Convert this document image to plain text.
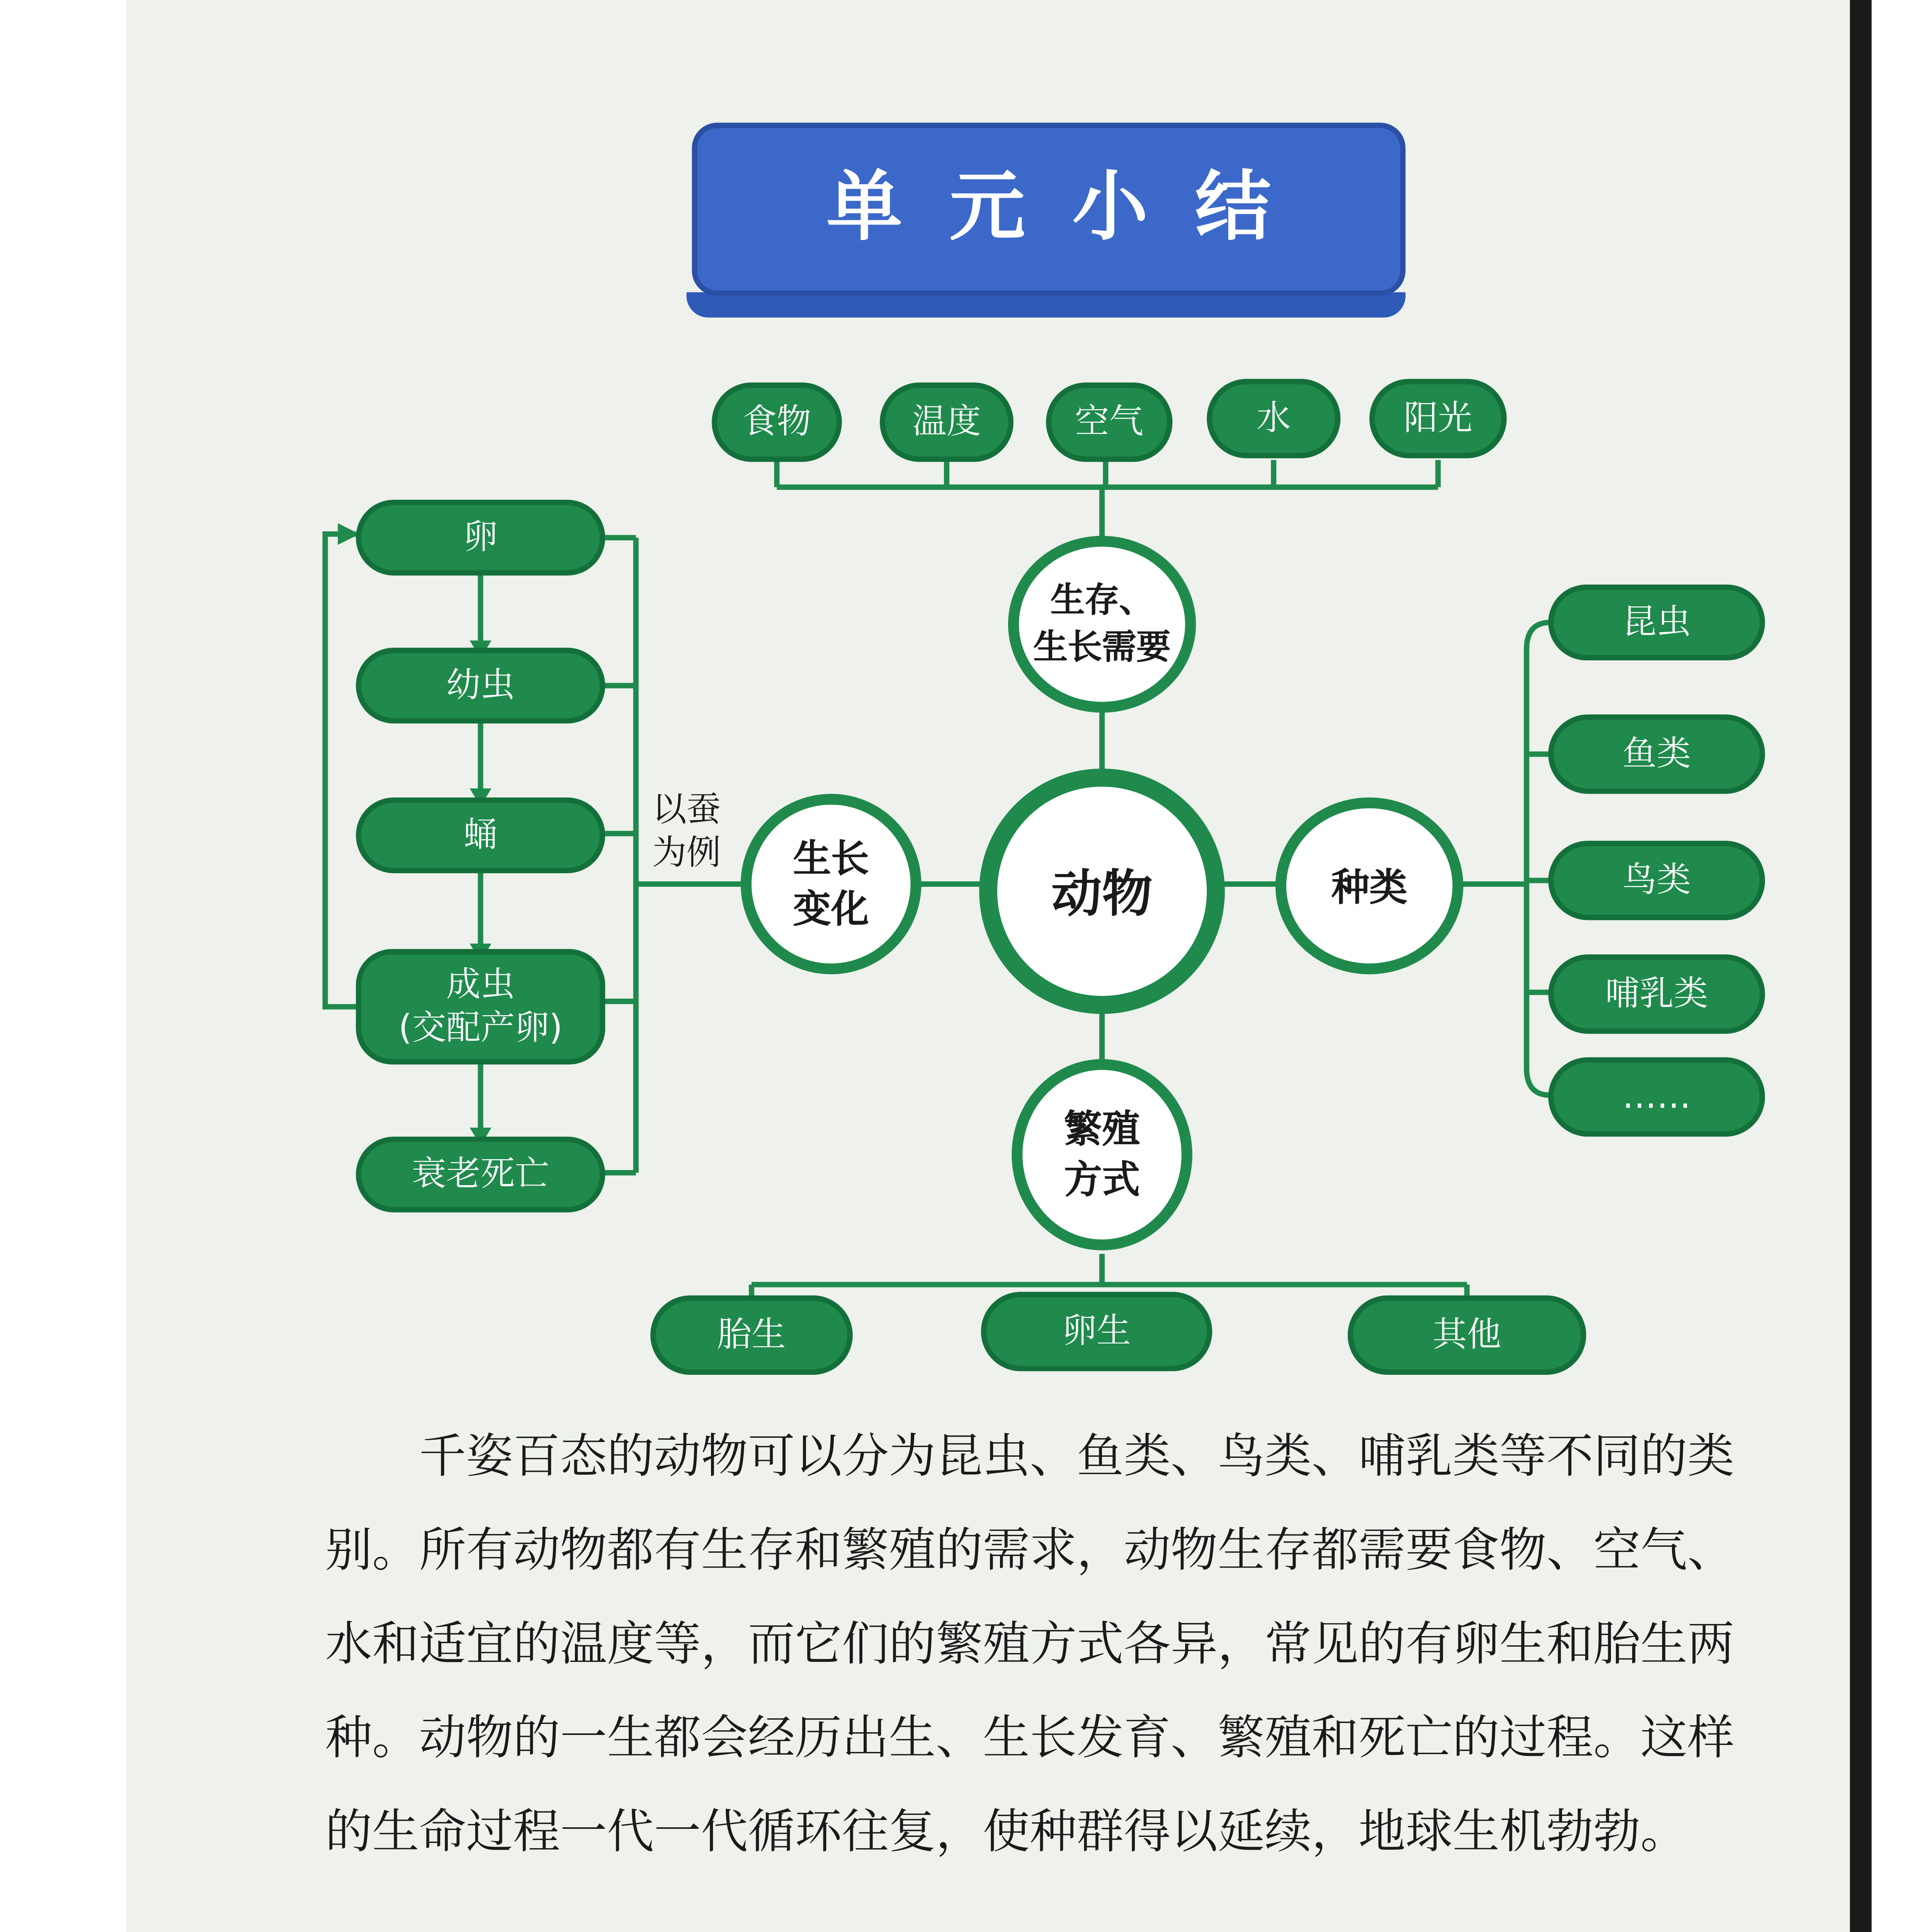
单元小结
食物	温度	空气	水	阳光
生存、
生长需要
动物
生长
变化	种类
繁殖
方式
以蚕
为例
卵
幼虫
蛹
成虫
(交配产卵)
衰老死亡
昆虫
鱼类
鸟类
哺乳类
……
胎生	卵生	其他
千姿百态的动物可以分为昆虫、鱼类、鸟类、哺乳类等不同的类别。所有动物都有生存和繁殖的需求，动物生存都需要食物、空气、水和适宜的温度等，而它们的繁殖方式各异，常见的有卵生和胎生两种。动物的一生都会经历出生、生长发育、繁殖和死亡的过程。这样的生命过程一代一代循环往复，使种群得以延续，地球生机勃勃。
